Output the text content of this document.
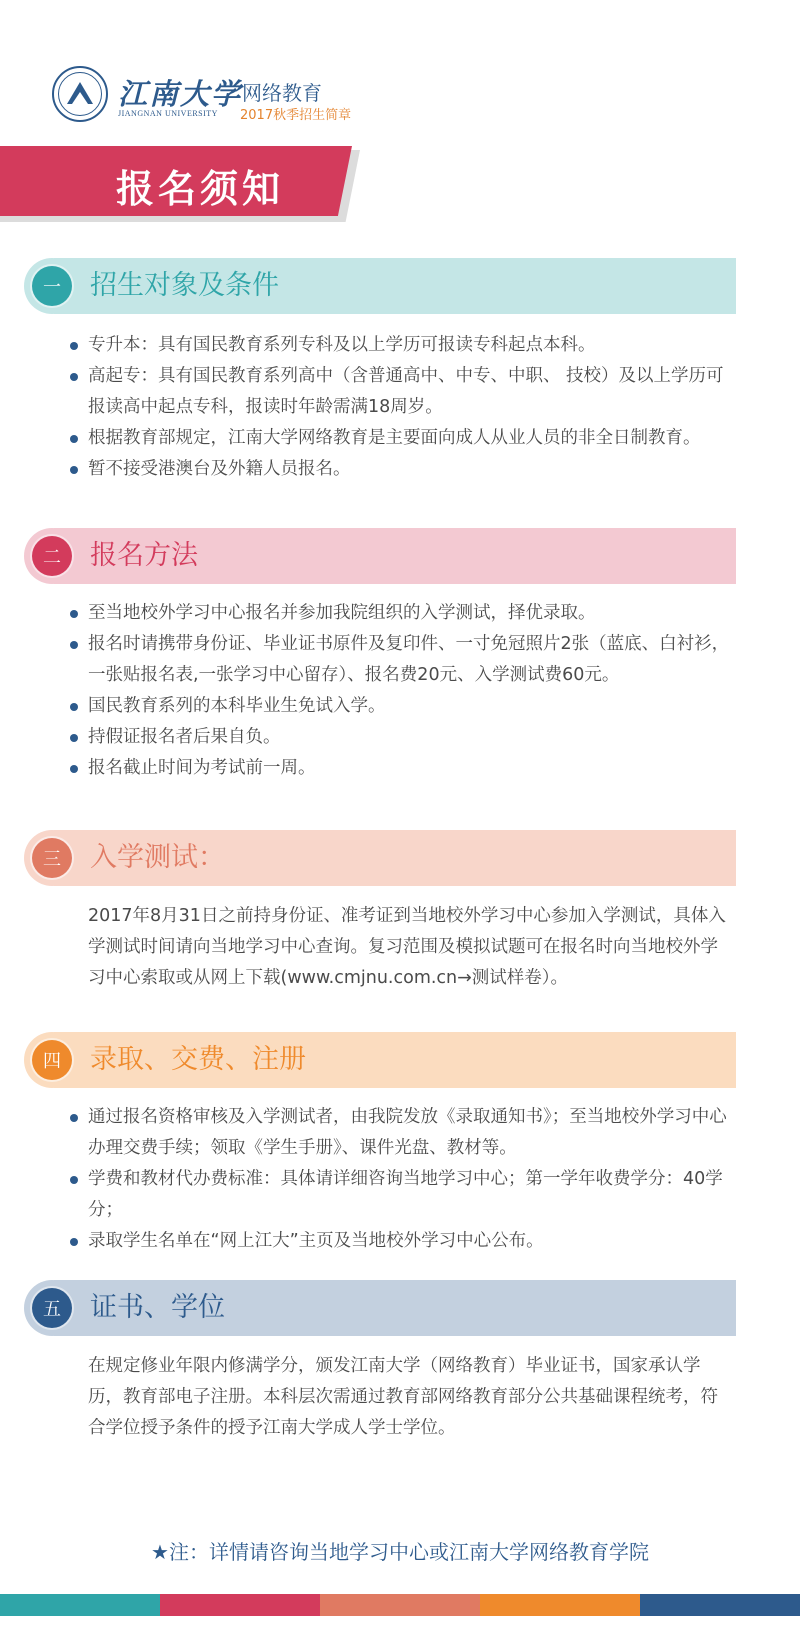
江南大学
JIANGNAN UNIVERSITY
网络教育
2017秋季招生简章
报名须知
一	招生对象及条件
专升本：具有国民教育系列专科及以上学历可报读专科起点本科。
高起专：具有国民教育系列高中（含普通高中、中专、中职、 技校）及以上学历可报读高中起点专科，报读时年龄需满18周岁。
根据教育部规定，江南大学网络教育是主要面向成人从业人员的非全日制教育。
暂不接受港澳台及外籍人员报名。
二	报名方法
至当地校外学习中心报名并参加我院组织的入学测试，择优录取。
报名时请携带身份证、毕业证书原件及复印件、一寸免冠照片2张（蓝底、白衬衫，一张贴报名表,一张学习中心留存）、报名费20元、入学测试费60元。
国民教育系列的本科毕业生免试入学。
持假证报名者后果自负。
报名截止时间为考试前一周。
三	入学测试：

2017年8月31日之前持身份证、准考证到当地校外学习中心参加入学测试，具体入学测试时间请向当地学习中心查询。复习范围及模拟试题可在报名时向当地校外学习中心索取或从网上下载(www.cmjnu.com.cn→测试样卷）。

四	录取、交费、注册
通过报名资格审核及入学测试者，由我院发放《录取通知书》；至当地校外学习中心办理交费手续；领取《学生手册》、课件光盘、教材等。
学费和教材代办费标准：具体请详细咨询当地学习中心；第一学年收费学分：40学分；
录取学生名单在“网上江大”主页及当地校外学习中心公布。
五	证书、学位

在规定修业年限内修满学分，颁发江南大学（网络教育）毕业证书，国家承认学历，教育部电子注册。本科层次需通过教育部网络教育部分公共基础课程统考，符合学位授予条件的授予江南大学成人学士学位。

★注：详情请咨询当地学习中心或江南大学网络教育学院
